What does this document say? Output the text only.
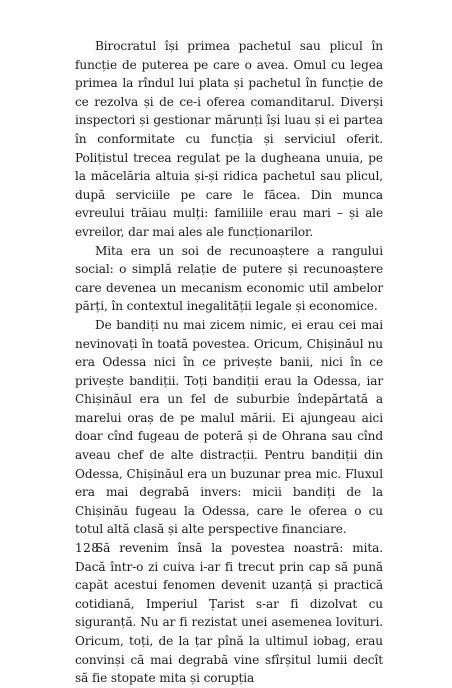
Birocratul își primea pachetul sau plicul în funcție de puterea pe care o avea. Omul cu legea primea la rîndul lui plata și pachetul în funcție de ce rezolva și de ce-i oferea comanditarul. Diverși inspectori și gestionar mărunți își luau și ei partea în conformitate cu funcția și serviciul oferit. Polițistul trecea regulat pe la dugheana unuia, pe la măcelăria altuia și-și ridica pachetul sau plicul, după serviciile pe care le făcea. Din munca evreului trăiau mulți: familiile erau mari – și ale evreilor, dar mai ales ale funcționarilor.

Mita era un soi de recunoaștere a rangului social: o simplă relație de putere și recunoaștere care devenea un mecanism economic util ambelor părți, în contextul inegalității legale și economice.

De bandiți nu mai zicem nimic, ei erau cei mai nevinovați în toată povestea. Oricum, Chișinăul nu era Odessa nici în ce privește banii, nici în ce privește bandiții. Toți bandiții erau la Odessa, iar Chișinăul era un fel de suburbie îndepărtată a marelui oraș de pe malul mării. Ei ajungeau aici doar cînd fugeau de poteră și de Ohrana sau cînd aveau chef de alte distracții. Pentru bandiții din Odessa, Chișinăul era un buzunar prea mic. Fluxul era mai degrabă invers: micii bandiți de la Chișinău fugeau la Odessa, care le oferea o cu totul altă clasă și alte perspective financiare.

Să revenim însă la povestea noastră: mita. Dacă într-o zi cuiva i-ar fi trecut prin cap să pună capăt acestui fenomen devenit uzanță și practică cotidiană, Imperiul Țarist s-ar fi dizolvat cu siguranță. Nu ar fi rezistat unei asemenea lovituri. Oricum, toți, de la țar pînă la ultimul iobag, erau convinși că mai degrabă vine sfîrșitul lumii decît să fie stopate mita și corupția

128
